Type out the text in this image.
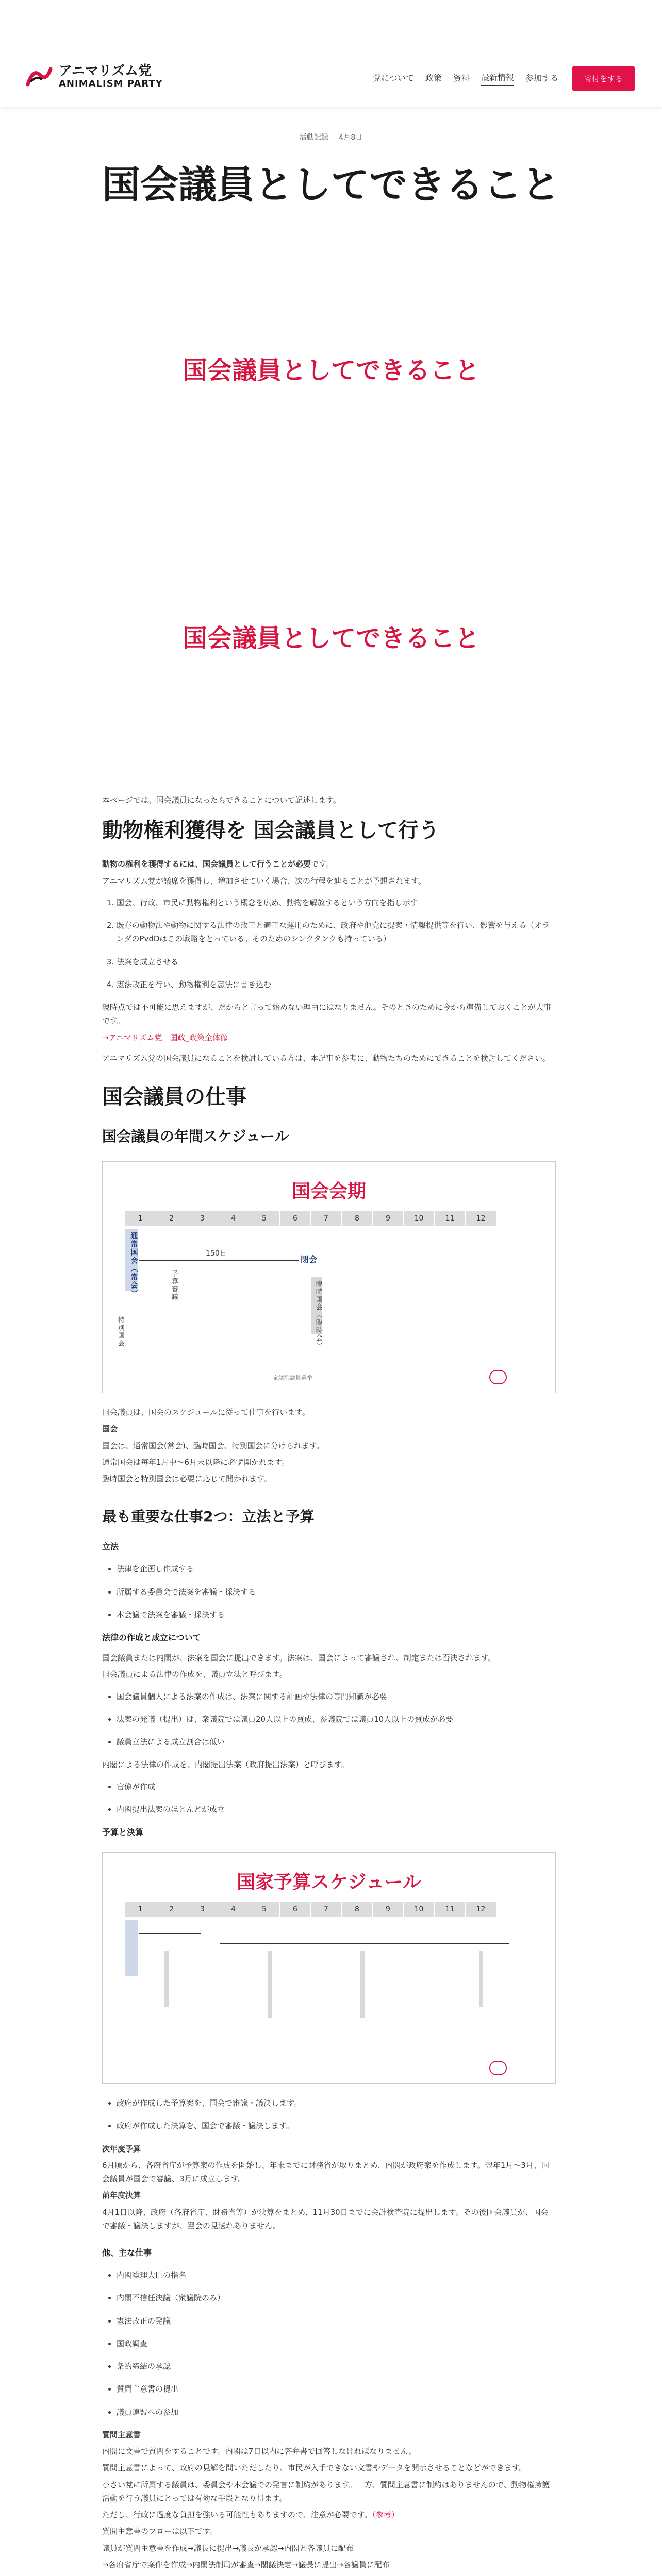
アニマリズム党
ANIMALISM PARTY
党について 政策 資料 最新情報 参加する	寄付をする
活動記録 4月8日
国会議員としてできること
国会議員としてできること
国会議員としてできること

本ページでは、国会議員になったらできることについて記述します。

動物権利獲得を 国会議員として行う

動物の権利を獲得するには、国会議員として行うことが必要です。

アニマリズム党が議席を獲得し、増加させていく場合、次の行程を辿ることが予想されます。

1. 国会、行政、市民に動物権利という概念を広め、動物を解放するという方向を指し示す
2. 既存の動物法や動物に関する法律の改正と適正な運用のために、政府や他党に提案・情報提供等を行い、影響を与える（オランダのPvdDはこの戦略をとっている。そのためのシンクタンクも持っている）
3. 法案を成立させる
4. 憲法改正を行い、動物権利を憲法に書き込む

現時点では不可能に思えますが、だからと言って始めない理由にはなりません。そのときのために今から準備しておくことが大事です。

→アニマリズム党　国政_政策全体像

アニマリズム党の国会議員になることを検討している方は、本記事を参考に、動物たちのためにできることを検討してください。

国会議員の仕事
国会議員の年間スケジュール
国会会期
1	2	3	4	5	6	7	8	9	10	11	12
通常国会（常会）	150日
予算審議
閉会
臨時国会（臨時会）
特別国会
衆議院議員選挙

国会議員は、国会のスケジュールに従って仕事を行います。

国会

国会は、通常国会(常会)、臨時国会、特別国会に分けられます。

通常国会は毎年1月中〜6月末以降に必ず開かれます。

臨時国会と特別国会は必要に応じて開かれます。

最も重要な仕事2つ：立法と予算
立法
• 法律を企画し作成する
• 所属する委員会で法案を審議・採決する
• 本会議で法案を審議・採決する
法律の作成と成立について

国会議員または内閣が、法案を国会に提出できます。法案は、国会によって審議され、制定または否決されます。

国会議員による法律の作成を、議員立法と呼びます。

• 国会議員個人による法案の作成は、法案に関する計画や法律の専門知識が必要
• 法案の発議（提出）は、衆議院では議員20人以上の賛成、参議院では議員10人以上の賛成が必要
• 議員立法による成立割合は低い

内閣による法律の作成を、内閣提出法案（政府提出法案）と呼びます。

• 官僚が作成
• 内閣提出法案のほとんどが成立
予算と決算
国家予算スケジュール
1	2	3	4	5	6	7	8	9	10	11	12
• 政府が作成した予算案を、国会で審議・議決します。
• 政府が作成した決算を、国会で審議・議決します。

次年度予算

6月頃から、各府省庁が予算案の作成を開始し、年末までに財務省が取りまとめ、内閣が政府案を作成します。翌年1月〜3月、国会議員が国会で審議、3月に成立します。

前年度決算

4月1日以降、政府（各府省庁、財務省等）が決算をまとめ、11月30日までに会計検査院に提出します。その後国会議員が、国会で審議・議決しますが、翌会の見送れありません。

他、主な仕事
• 内閣総理大臣の指名
• 内閣不信任決議（衆議院のみ）
• 憲法改正の発議
• 国政調査
• 条約締結の承認
• 質問主意書の提出
• 議員連盟への参加

質問主意書

内閣に文書で質問をすることです。内閣は7日以内に答弁書で回答しなければなりません。

質問主意書によって、政府の見解を問いただしたり、市民が入手できない文書やデータを開示させることなどができます。

小さい党に所属する議員は、委員会や本会議での発言に制約があります。一方、質問主意書に制約はありませんので、動物権擁護活動を行う議員にとっては有効な手段となり得ます。

ただし、行政に過度な負担を強いる可能性もありますので、注意が必要です。（参考）

質問主意書のフローは以下です。

議員が質問主意書を作成→議長に提出→議長が承認→内閣と各議員に配布

→各府省庁で案件を作成→内閣法制局が審査→閣議決定→議長に提出→各議員に配布
